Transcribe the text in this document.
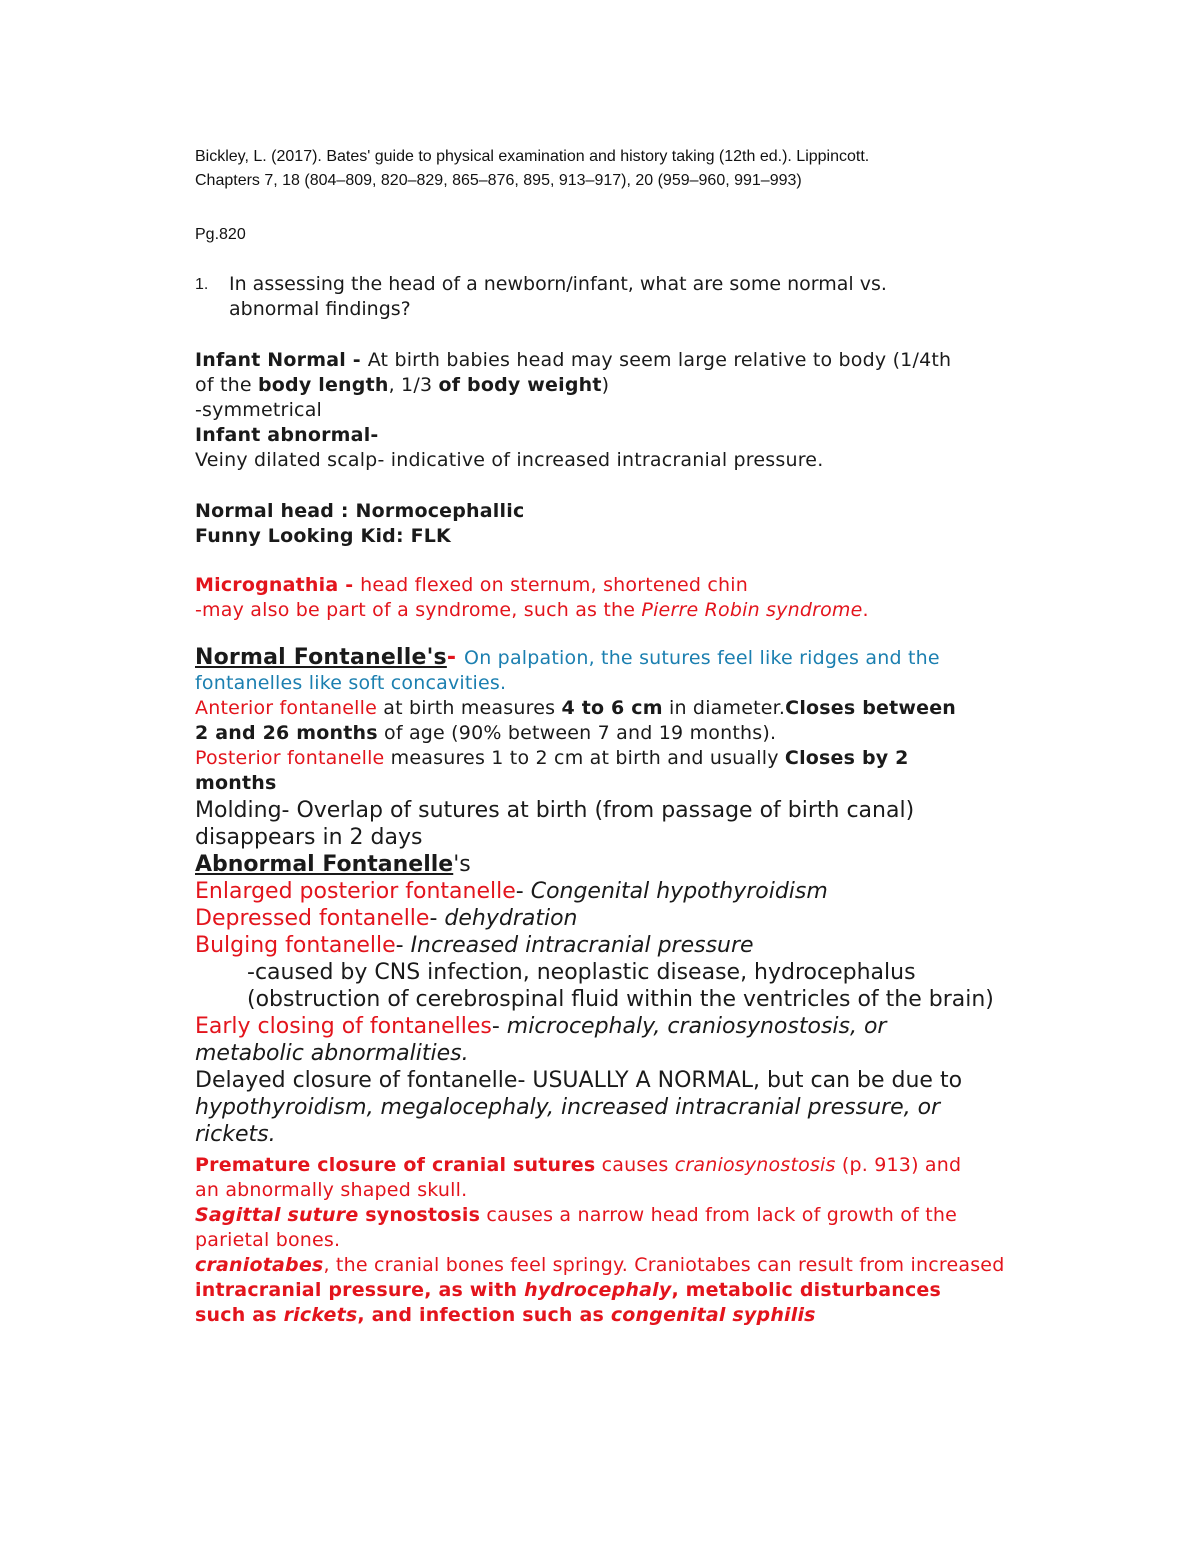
Bickley, L. (2017). Bates' guide to physical examination and history taking (12th ed.). Lippincott.
Chapters 7, 18 (804–809, 820–829, 865–876, 895, 913–917), 20 (959–960, 991–993)
Pg.820
1. In assessing the head of a newborn/infant, what are some normal vs.
abnormal findings?
Infant Normal - At birth babies head may seem large relative to body (1/4th
of the body length, 1/3 of body weight)
-symmetrical
Infant abnormal-
Veiny dilated scalp- indicative of increased intracranial pressure.
Normal head : Normocephallic
Funny Looking Kid: FLK
Micrognathia - head flexed on sternum, shortened chin
-may also be part of a syndrome, such as the Pierre Robin syndrome.
Normal Fontanelle's- On palpation, the sutures feel like ridges and the
fontanelles like soft concavities.
Anterior fontanelle at birth measures 4 to 6 cm in diameter.Closes between
2 and 26 months of age (90% between 7 and 19 months).
Posterior fontanelle measures 1 to 2 cm at birth and usually Closes by 2
months
Molding- Overlap of sutures at birth (from passage of birth canal)
disappears in 2 days
Abnormal Fontanelle's
Enlarged posterior fontanelle- Congenital hypothyroidism
Depressed fontanelle- dehydration
Bulging fontanelle- Increased intracranial pressure
-caused by CNS infection, neoplastic disease, hydrocephalus
(obstruction of cerebrospinal fluid within the ventricles of the brain)
Early closing of fontanelles- microcephaly, craniosynostosis, or
metabolic abnormalities.
Delayed closure of fontanelle- USUALLY A NORMAL, but can be due to
hypothyroidism, megalocephaly, increased intracranial pressure, or
rickets.
Premature closure of cranial sutures causes craniosynostosis (p. 913) and
an abnormally shaped skull.
Sagittal suture synostosis causes a narrow head from lack of growth of the
parietal bones.
craniotabes, the cranial bones feel springy. Craniotabes can result from increased
intracranial pressure, as with hydrocephaly, metabolic disturbances
such as rickets, and infection such as congenital syphilis
